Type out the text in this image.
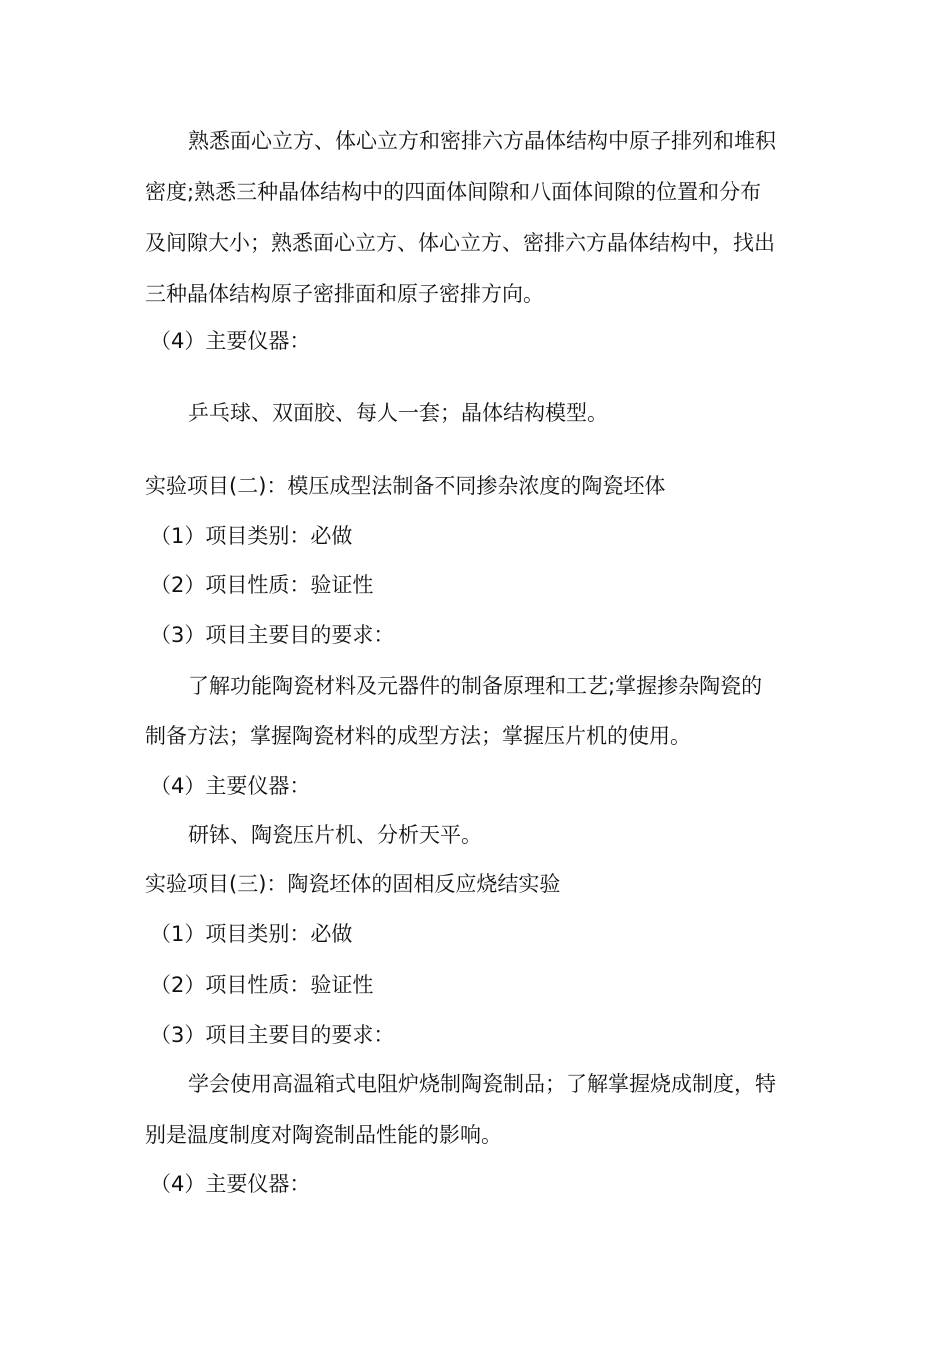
熟悉面心立方、体心立方和密排六方晶体结构中原子排列和堆积
密度;熟悉三种晶体结构中的四面体间隙和八面体间隙的位置和分布
及间隙大小；熟悉面心立方、体心立方、密排六方晶体结构中，找出
三种晶体结构原子密排面和原子密排方向。
（4）主要仪器：
乒乓球、双面胶、每人一套；晶体结构模型。
实验项目(二)：模压成型法制备不同掺杂浓度的陶瓷坯体
（1）项目类别：必做
（2）项目性质：验证性
（3）项目主要目的要求：
了解功能陶瓷材料及元器件的制备原理和工艺;掌握掺杂陶瓷的
制备方法；掌握陶瓷材料的成型方法；掌握压片机的使用。
（4）主要仪器：
研钵、陶瓷压片机、分析天平。
实验项目(三)：陶瓷坯体的固相反应烧结实验
（1）项目类别：必做
（2）项目性质：验证性
（3）项目主要目的要求：
学会使用高温箱式电阻炉烧制陶瓷制品；了解掌握烧成制度，特
别是温度制度对陶瓷制品性能的影响。
（4）主要仪器：
